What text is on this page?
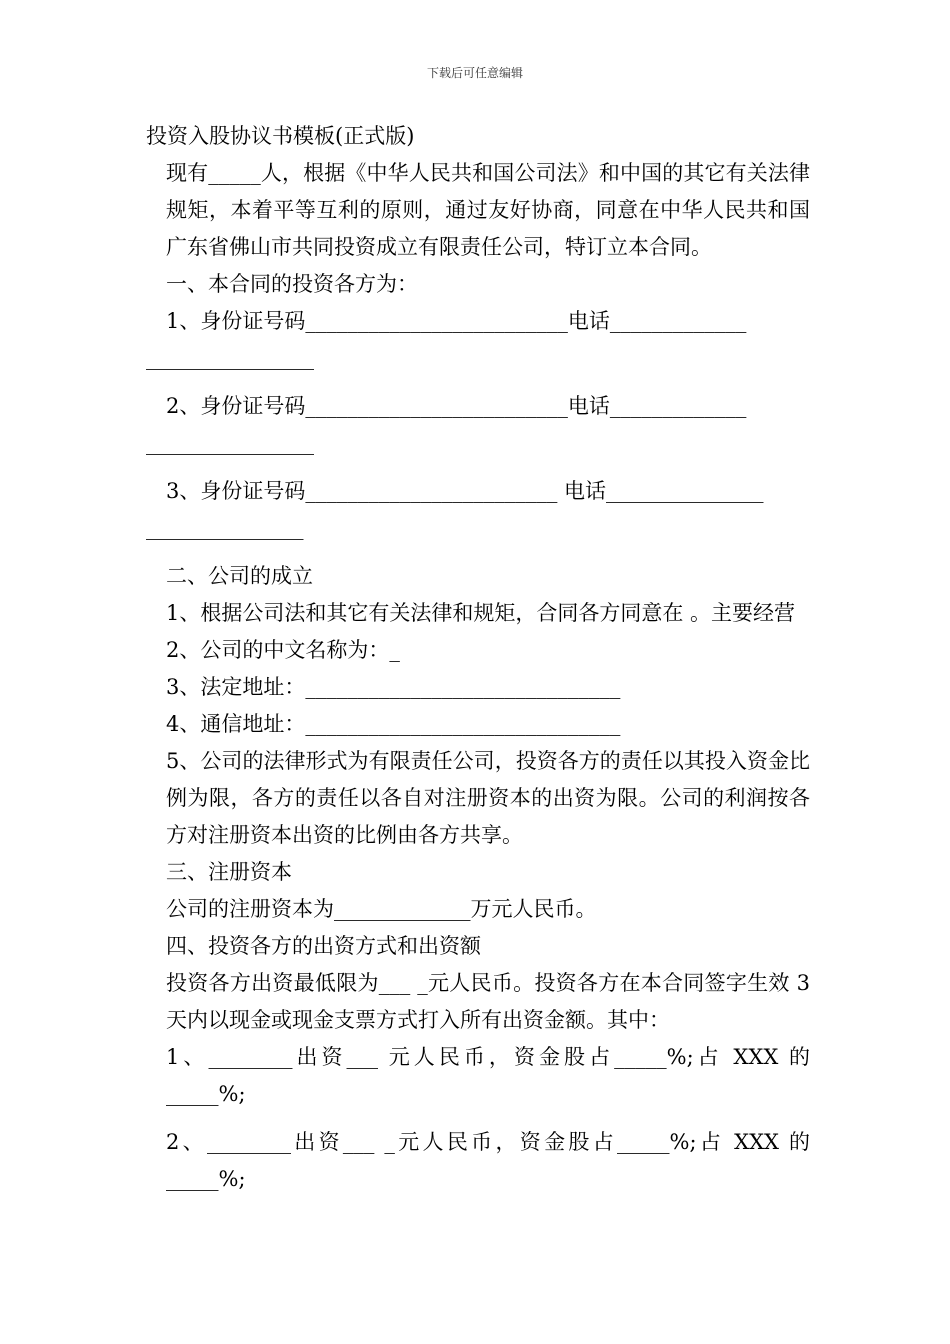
下载后可任意编辑

投资入股协议书模板(正式版)

现有_____人，根据《中华人民共和国公司法》和中国的其它有关法律规矩，本着平等互利的原则，通过友好协商，同意在中华人民共和国广东省佛山市共同投资成立有限责任公司，特订立本合同。

一、本合同的投资各方为：

1、身份证号码_________________________电话_____________

________________

2、身份证号码_________________________电话_____________

________________

3、身份证号码________________________ 电话_______________

_______________

二、公司的成立

1、根据公司法和其它有关法律和规矩，合同各方同意在 。主要经营

2、公司的中文名称为：_

3、法定地址：______________________________

4、通信地址：______________________________

5、公司的法律形式为有限责任公司，投资各方的责任以其投入资金比例为限，各方的责任以各自对注册资本的出资为限。公司的利润按各方对注册资本出资的比例由各方共享。

三、注册资本

公司的注册资本为_____________万元人民币。

四、投资各方的出资方式和出资额

投资各方出资最低限为___ _元人民币。投资各方在本合同签字生效 3 天内以现金或现金支票方式打入所有出资金额。其中：

1、________出资___ 元人民币，资金股占_____%;占 XXX 的_____%;

2、________出资___ _元人民币，资金股占_____%;占 XXX 的_____%;
